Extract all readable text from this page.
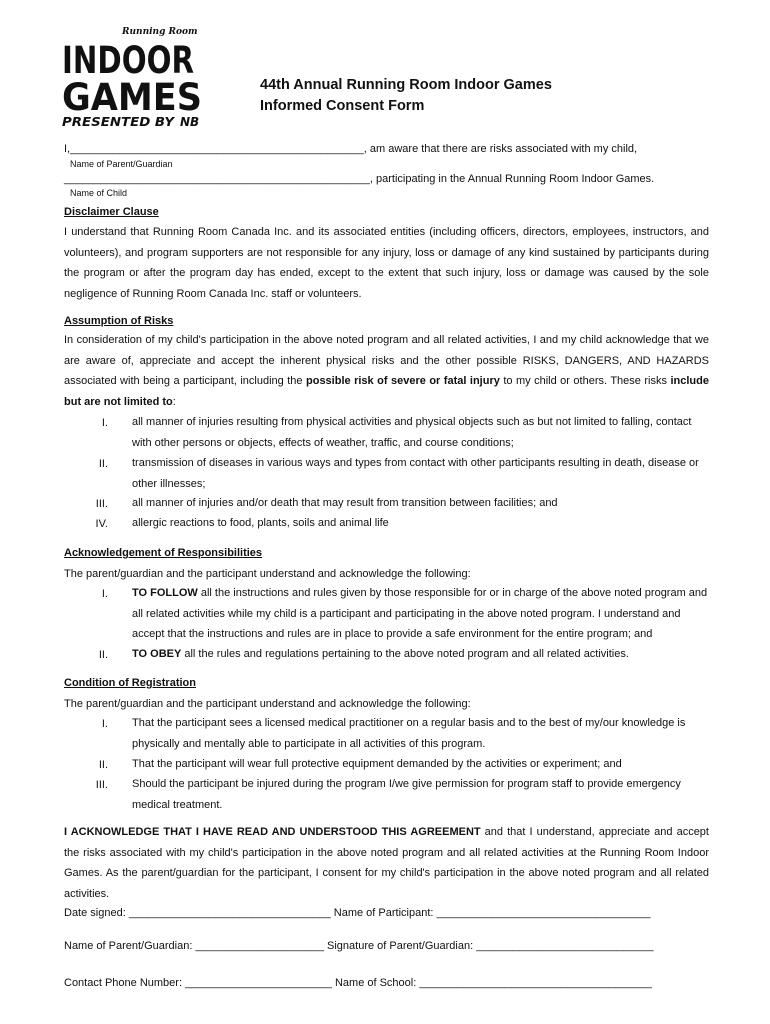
Running Room
INDOOR
GAMES
PRESENTED BY NB
44th Annual Running Room Indoor Games
Informed Consent Form
I,________________________________________________, am aware that there are risks associated with my child,
Name of Parent/Guardian
__________________________________________________, participating in the Annual Running Room Indoor Games.
Name of Child
Disclaimer Clause
I understand that Running Room Canada Inc. and its associated entities (including officers, directors, employees, instructors, and volunteers), and program supporters are not responsible for any injury, loss or damage of any kind sustained by participants during the program or after the program day has ended, except to the extent that such injury, loss or damage was caused by the sole negligence of Running Room Canada Inc. staff or volunteers.
Assumption of Risks
In consideration of my child's participation in the above noted program and all related activities, I and my child acknowledge that we are aware of, appreciate and accept the inherent physical risks and the other possible RISKS, DANGERS, AND HAZARDS associated with being a participant, including the possible risk of severe or fatal injury to my child or others. These risks include but are not limited to:
I. all manner of injuries resulting from physical activities and physical objects such as but not limited to falling, contact with other persons or objects, effects of weather, traffic, and course conditions;
II. transmission of diseases in various ways and types from contact with other participants resulting in death, disease or other illnesses;
III. all manner of injuries and/or death that may result from transition between facilities; and
IV. allergic reactions to food, plants, soils and animal life
Acknowledgement of Responsibilities
The parent/guardian and the participant understand and acknowledge the following:
I. TO FOLLOW all the instructions and rules given by those responsible for or in charge of the above noted program and all related activities while my child is a participant and participating in the above noted program. I understand and accept that the instructions and rules are in place to provide a safe environment for the entire program; and
II. TO OBEY all the rules and regulations pertaining to the above noted program and all related activities.
Condition of Registration
The parent/guardian and the participant understand and acknowledge the following:
I. That the participant sees a licensed medical practitioner on a regular basis and to the best of my/our knowledge is physically and mentally able to participate in all activities of this program.
II. That the participant will wear full protective equipment demanded by the activities or experiment; and
III. Should the participant be injured during the program I/we give permission for program staff to provide emergency medical treatment.
I ACKNOWLEDGE THAT I HAVE READ AND UNDERSTOOD THIS AGREEMENT and that I understand, appreciate and accept the risks associated with my child's participation in the above noted program and all related activities at the Running Room Indoor Games. As the parent/guardian for the participant, I consent for my child's participation in the above noted program and all related activities.
Date signed: _________________________________ Name of Participant: ___________________________________
Name of Parent/Guardian: _____________________ Signature of Parent/Guardian: _____________________________
Contact Phone Number: ________________________ Name of School: ______________________________________
